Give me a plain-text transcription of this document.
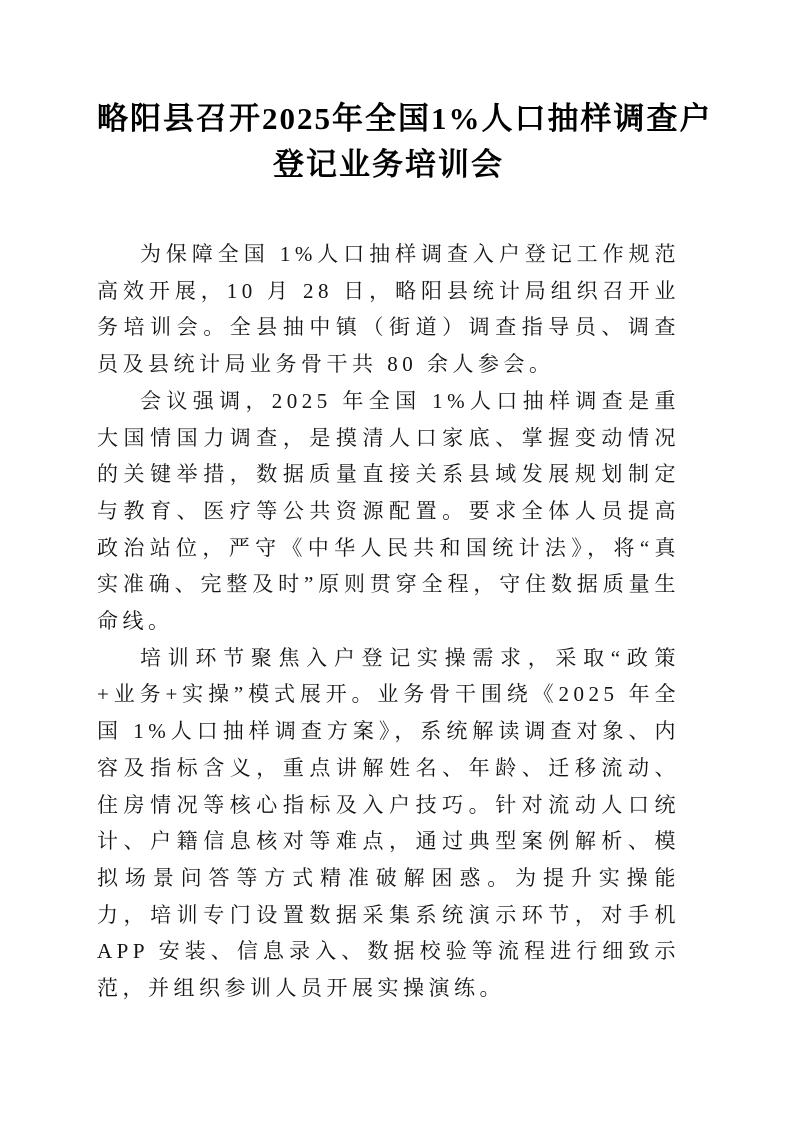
略阳县召开2025年全国1%人口抽样调查户
登记业务培训会

为保障全国 1%人口抽样调查入户登记工作规范高效开展，10 月 28 日，略阳县统计局组织召开业务培训会。全县抽中镇（街道）调查指导员、调查员及县统计局业务骨干共 80 余人参会。

会议强调，2025 年全国 1%人口抽样调查是重大国情国力调查，是摸清人口家底、掌握变动情况的关键举措，数据质量直接关系县域发展规划制定与教育、医疗等公共资源配置。要求全体人员提高政治站位，严守《中华人民共和国统计法》，将“真实准确、完整及时”原则贯穿全程，守住数据质量生命线。

培训环节聚焦入户登记实操需求，采取“政策+业务+实操”模式展开。业务骨干围绕《2025 年全国 1%人口抽样调查方案》，系统解读调查对象、内容及指标含义，重点讲解姓名、年龄、迁移流动、住房情况等核心指标及入户技巧。针对流动人口统计、户籍信息核对等难点，通过典型案例解析、模拟场景问答等方式精准破解困惑。为提升实操能力，培训专门设置数据采集系统演示环节，对手机 APP 安装、信息录入、数据校验等流程进行细致示范，并组织参训人员开展实操演练。
